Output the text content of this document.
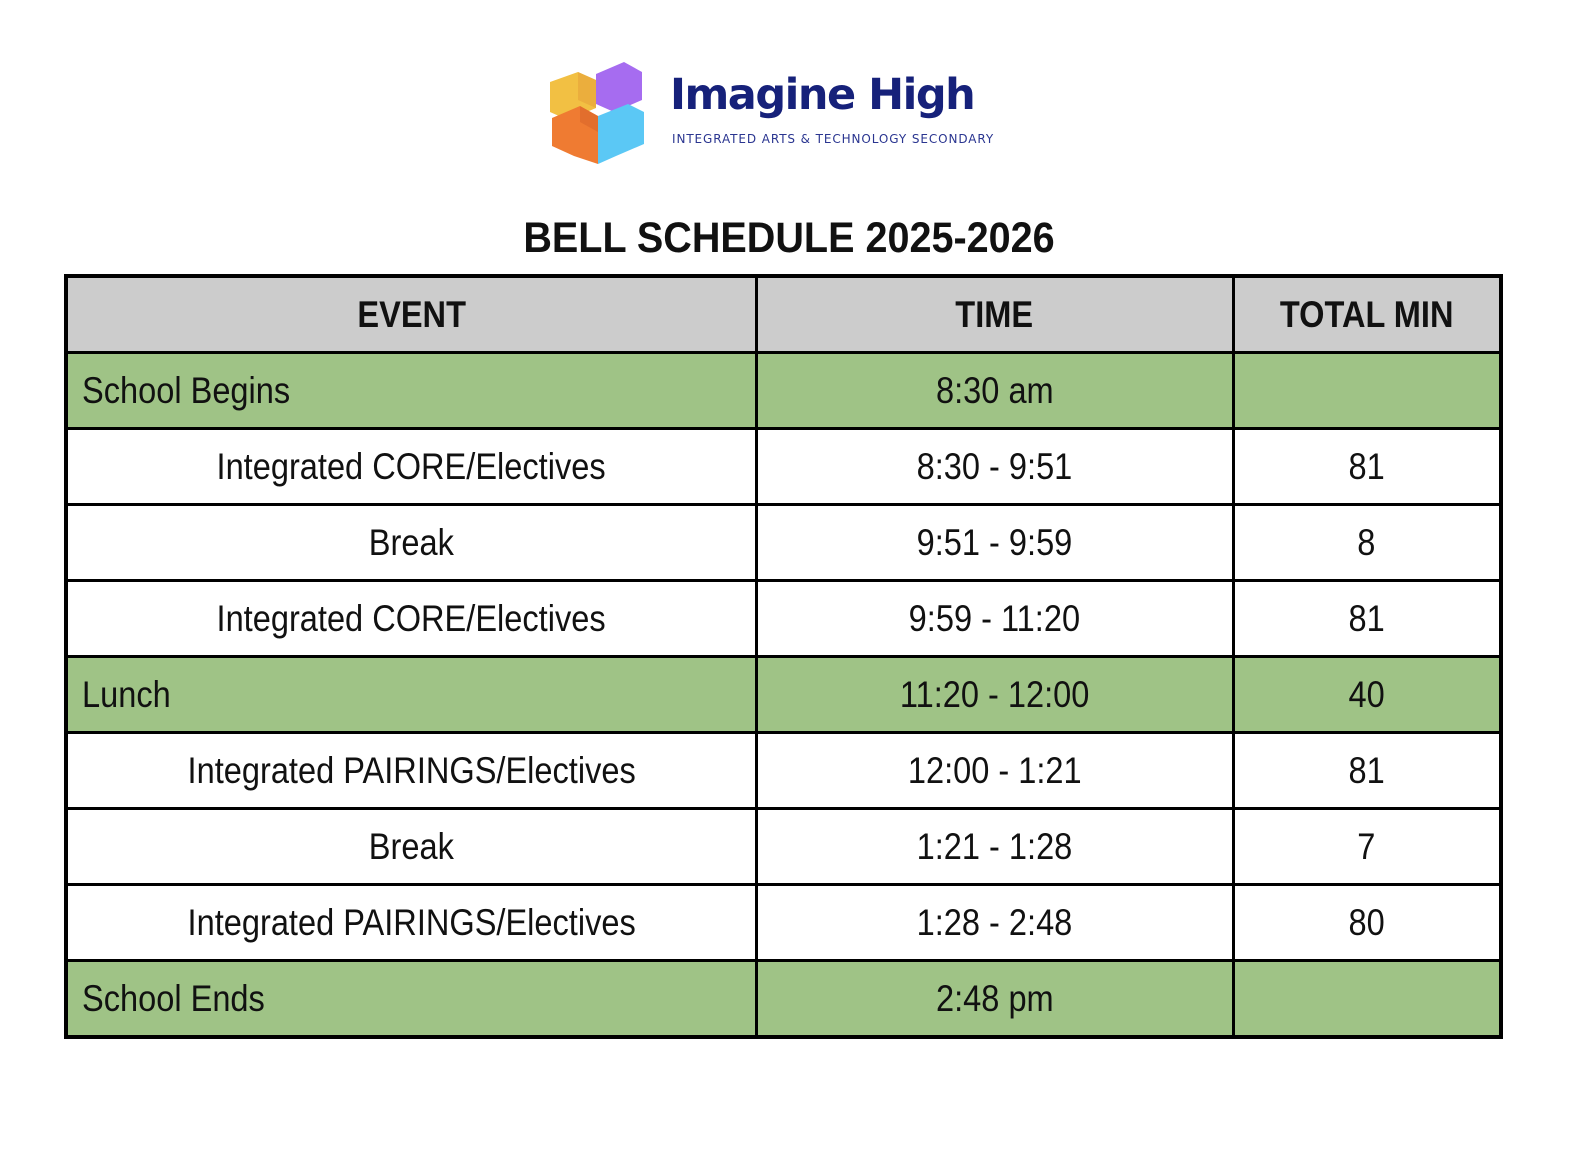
Imagine High
INTEGRATED ARTS & TECHNOLOGY SECONDARY
BELL SCHEDULE 2025-2026
EVENT	TIME	TOTAL MIN
School Begins	8:30 am	
Integrated CORE/Electives	8:30 - 9:51	81
Break	9:51 - 9:59	8
Integrated CORE/Electives	9:59 - 11:20	81
Lunch	11:20 - 12:00	40
Integrated PAIRINGS/Electives	12:00 - 1:21	81
Break	1:21 - 1:28	7
Integrated PAIRINGS/Electives	1:28 - 2:48	80
School Ends	2:48 pm	
